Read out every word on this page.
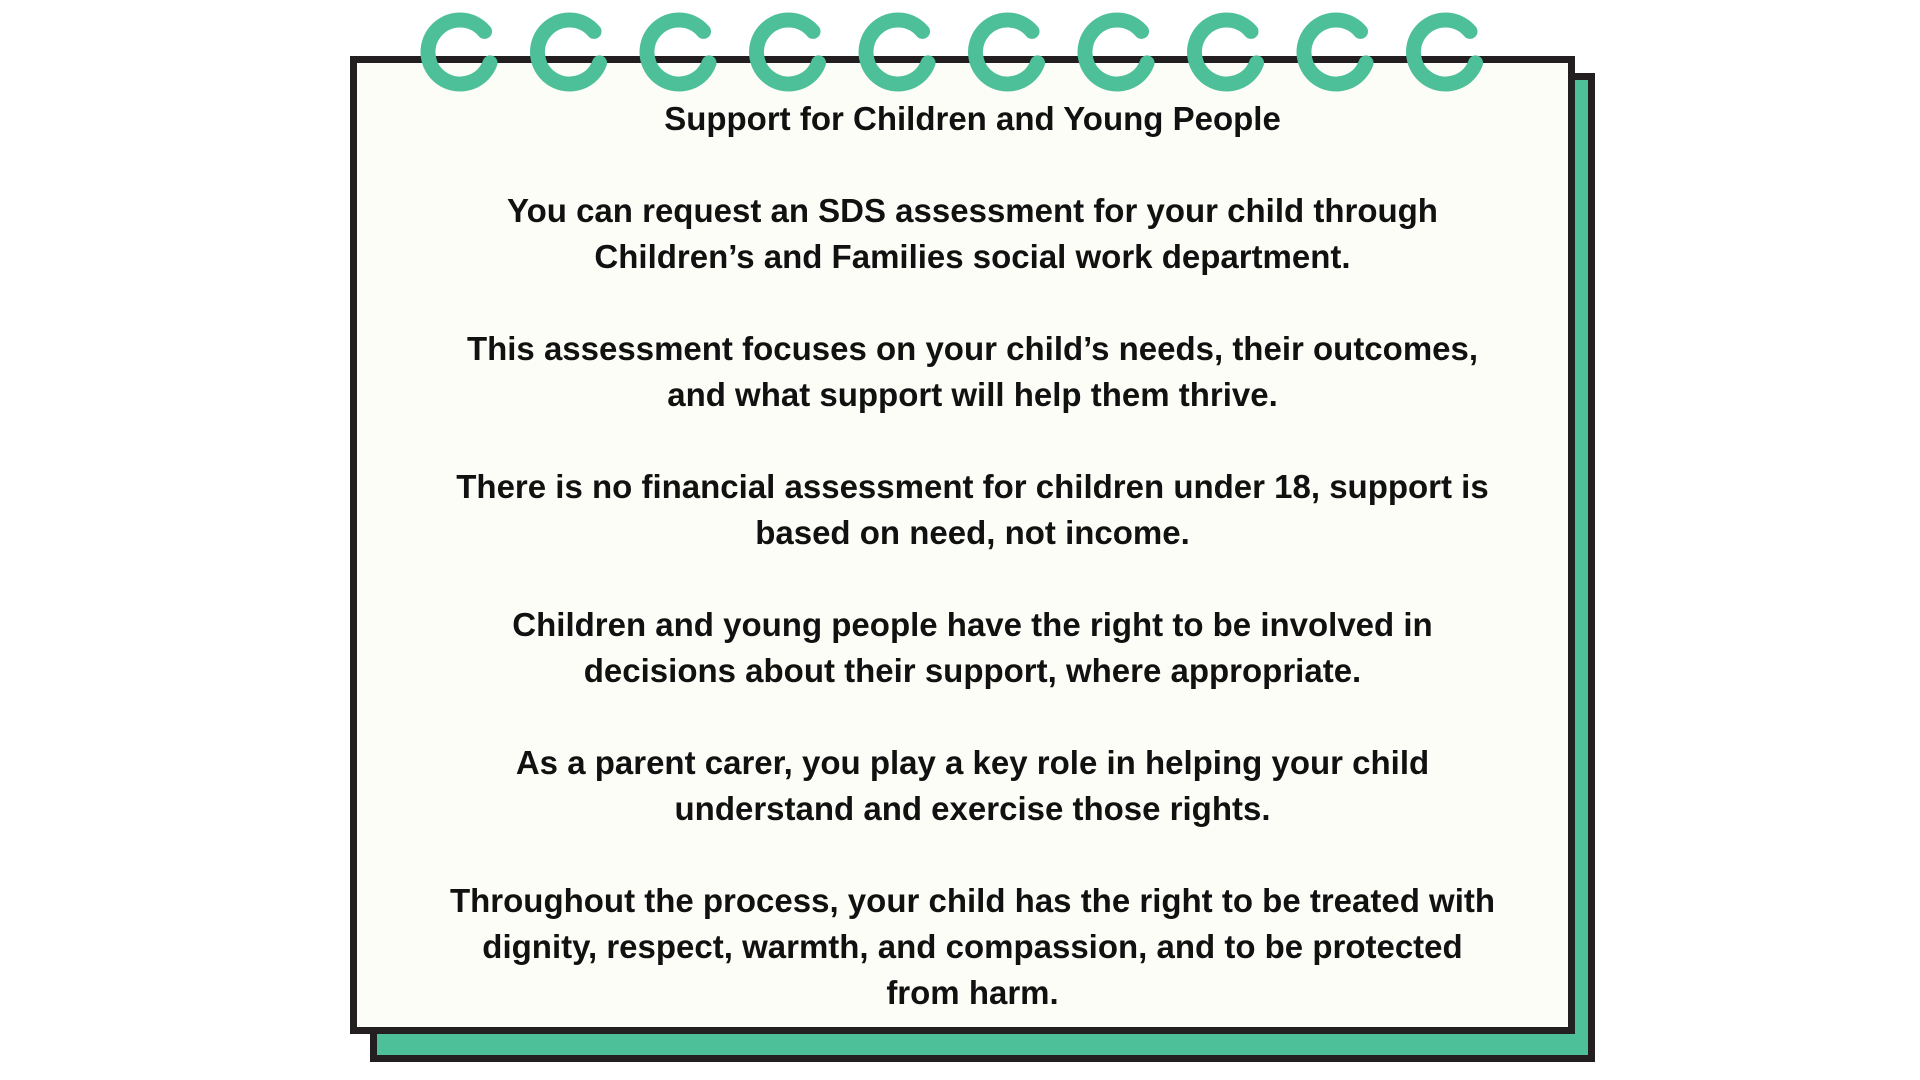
Support for Children and Young People

You can request an SDS assessment for your child through
Children’s and Families social work department.

This assessment focuses on your child’s needs, their outcomes,
and what support will help them thrive.

There is no financial assessment for children under 18, support is
based on need, not income.

Children and young people have the right to be involved in
decisions about their support, where appropriate.

As a parent carer, you play a key role in helping your child
understand and exercise those rights.

Throughout the process, your child has the right to be treated with
dignity, respect, warmth, and compassion, and to be protected
from harm.
